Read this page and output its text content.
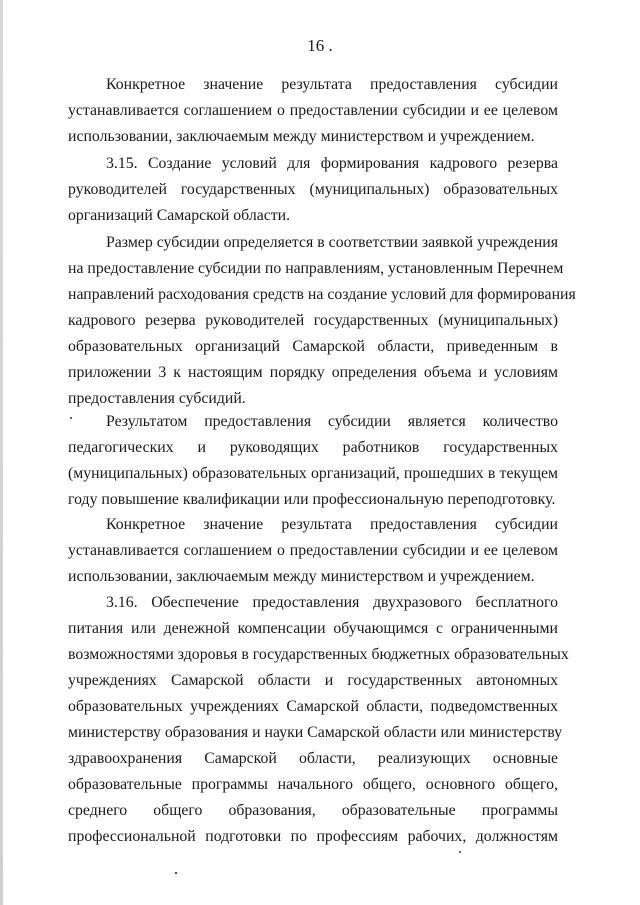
16 .
Конкретное значение результата предоставления субсидии
устанавливается соглашением о предоставлении субсидии и ее целевом
использовании, заключаемым между министерством и учреждением.
3.15. Создание условий для формирования кадрового резерва
руководителей государственных (муниципальных) образовательных
организаций Самарской области.
Размер субсидии определяется в соответствии заявкой учреждения
на предоставление субсидии по направлениям, установленным Перечнем
направлений расходования средств на создание условий для формирования
кадрового резерва руководителей государственных (муниципальных)
образовательных организаций Самарской области, приведенным в
приложении 3 к настоящим порядку определения объема и условиям
предоставления субсидий.
Результатом предоставления субсидии является количество
педагогических и руководящих работников государственных
(муниципальных) образовательных организаций, прошедших в текущем
году повышение квалификации или профессиональную переподготовку.
Конкретное значение результата предоставления субсидии
устанавливается соглашением о предоставлении субсидии и ее целевом
использовании, заключаемым между министерством и учреждением.
3.16. Обеспечение предоставления двухразового бесплатного
питания или денежной компенсации обучающимся с ограниченными
возможностями здоровья в государственных бюджетных образовательных
учреждениях Самарской области и государственных автономных
образовательных учреждениях Самарской области, подведомственных
министерству образования и науки Самарской области или министерству
здравоохранения Самарской области, реализующих основные
образовательные программы начального общего, основного общего,
среднего общего образования, образовательные программы
профессиональной подготовки по профессиям рабочих, должностям
